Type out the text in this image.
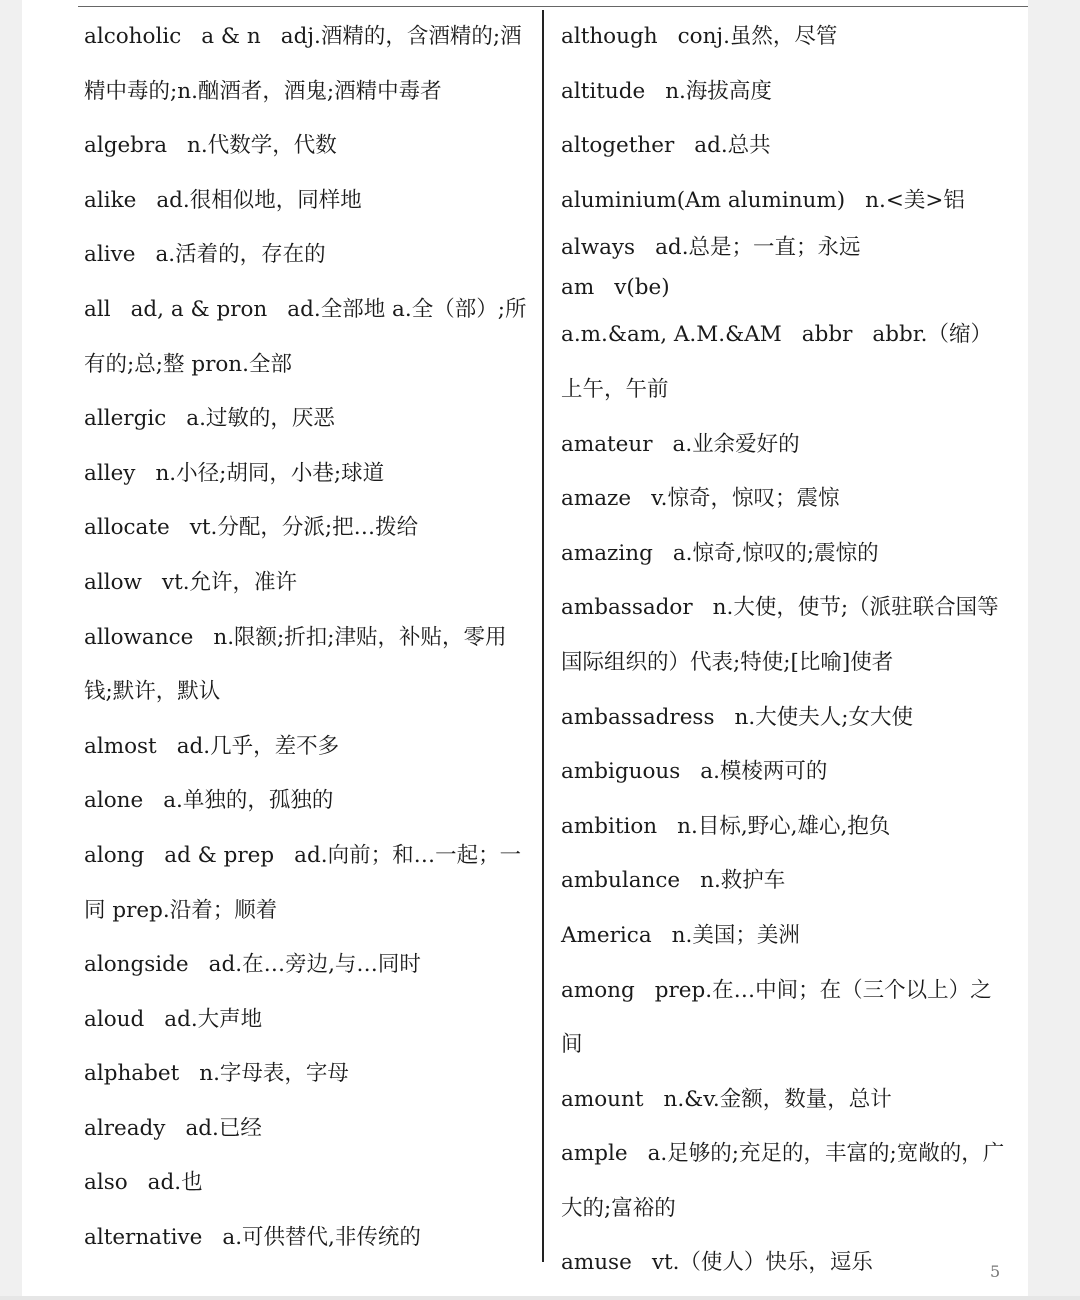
alcoholic a & n adj.酒精的，含酒精的;酒精中毒的;n.酗酒者，酒鬼;酒精中毒者

algebra n.代数学，代数

alike ad.很相似地，同样地

alive a.活着的，存在的

all ad, a & pron ad.全部地 a.全（部）;所有的;总;整 pron.全部

allergic a.过敏的，厌恶

alley n.小径;胡同，小巷;球道

allocate vt.分配，分派;把…拨给

allow vt.允许，准许

allowance n.限额;折扣;津贴，补贴，零用钱;默许，默认

almost ad.几乎，差不多

alone a.单独的，孤独的

along ad & prep ad.向前；和…一起；一同 prep.沿着；顺着

alongside ad.在…旁边,与…同时

aloud ad.大声地

alphabet n.字母表，字母

already ad.已经

also ad.也

alternative a.可供替代,非传统的

although conj.虽然，尽管

altitude n.海拔高度

altogether ad.总共

aluminium(Am aluminum) n.<美>铝

always ad.总是；一直；永远

am v(be)

a.m.&am, A.M.&AM abbr abbr.（缩）上午，午前

amateur a.业余爱好的

amaze v.惊奇，惊叹；震惊

amazing a.惊奇,惊叹的;震惊的

ambassador n.大使，使节;（派驻联合国等国际组织的）代表;特使;[比喻]使者

ambassadress n.大使夫人;女大使

ambiguous a.模棱两可的

ambition n.目标,野心,雄心,抱负

ambulance n.救护车

America n.美国；美洲

among prep.在…中间；在（三个以上）之间

amount n.&v.金额，数量，总计

ample a.足够的;充足的，丰富的;宽敞的，广大的;富裕的

amuse vt.（使人）快乐，逗乐	5
